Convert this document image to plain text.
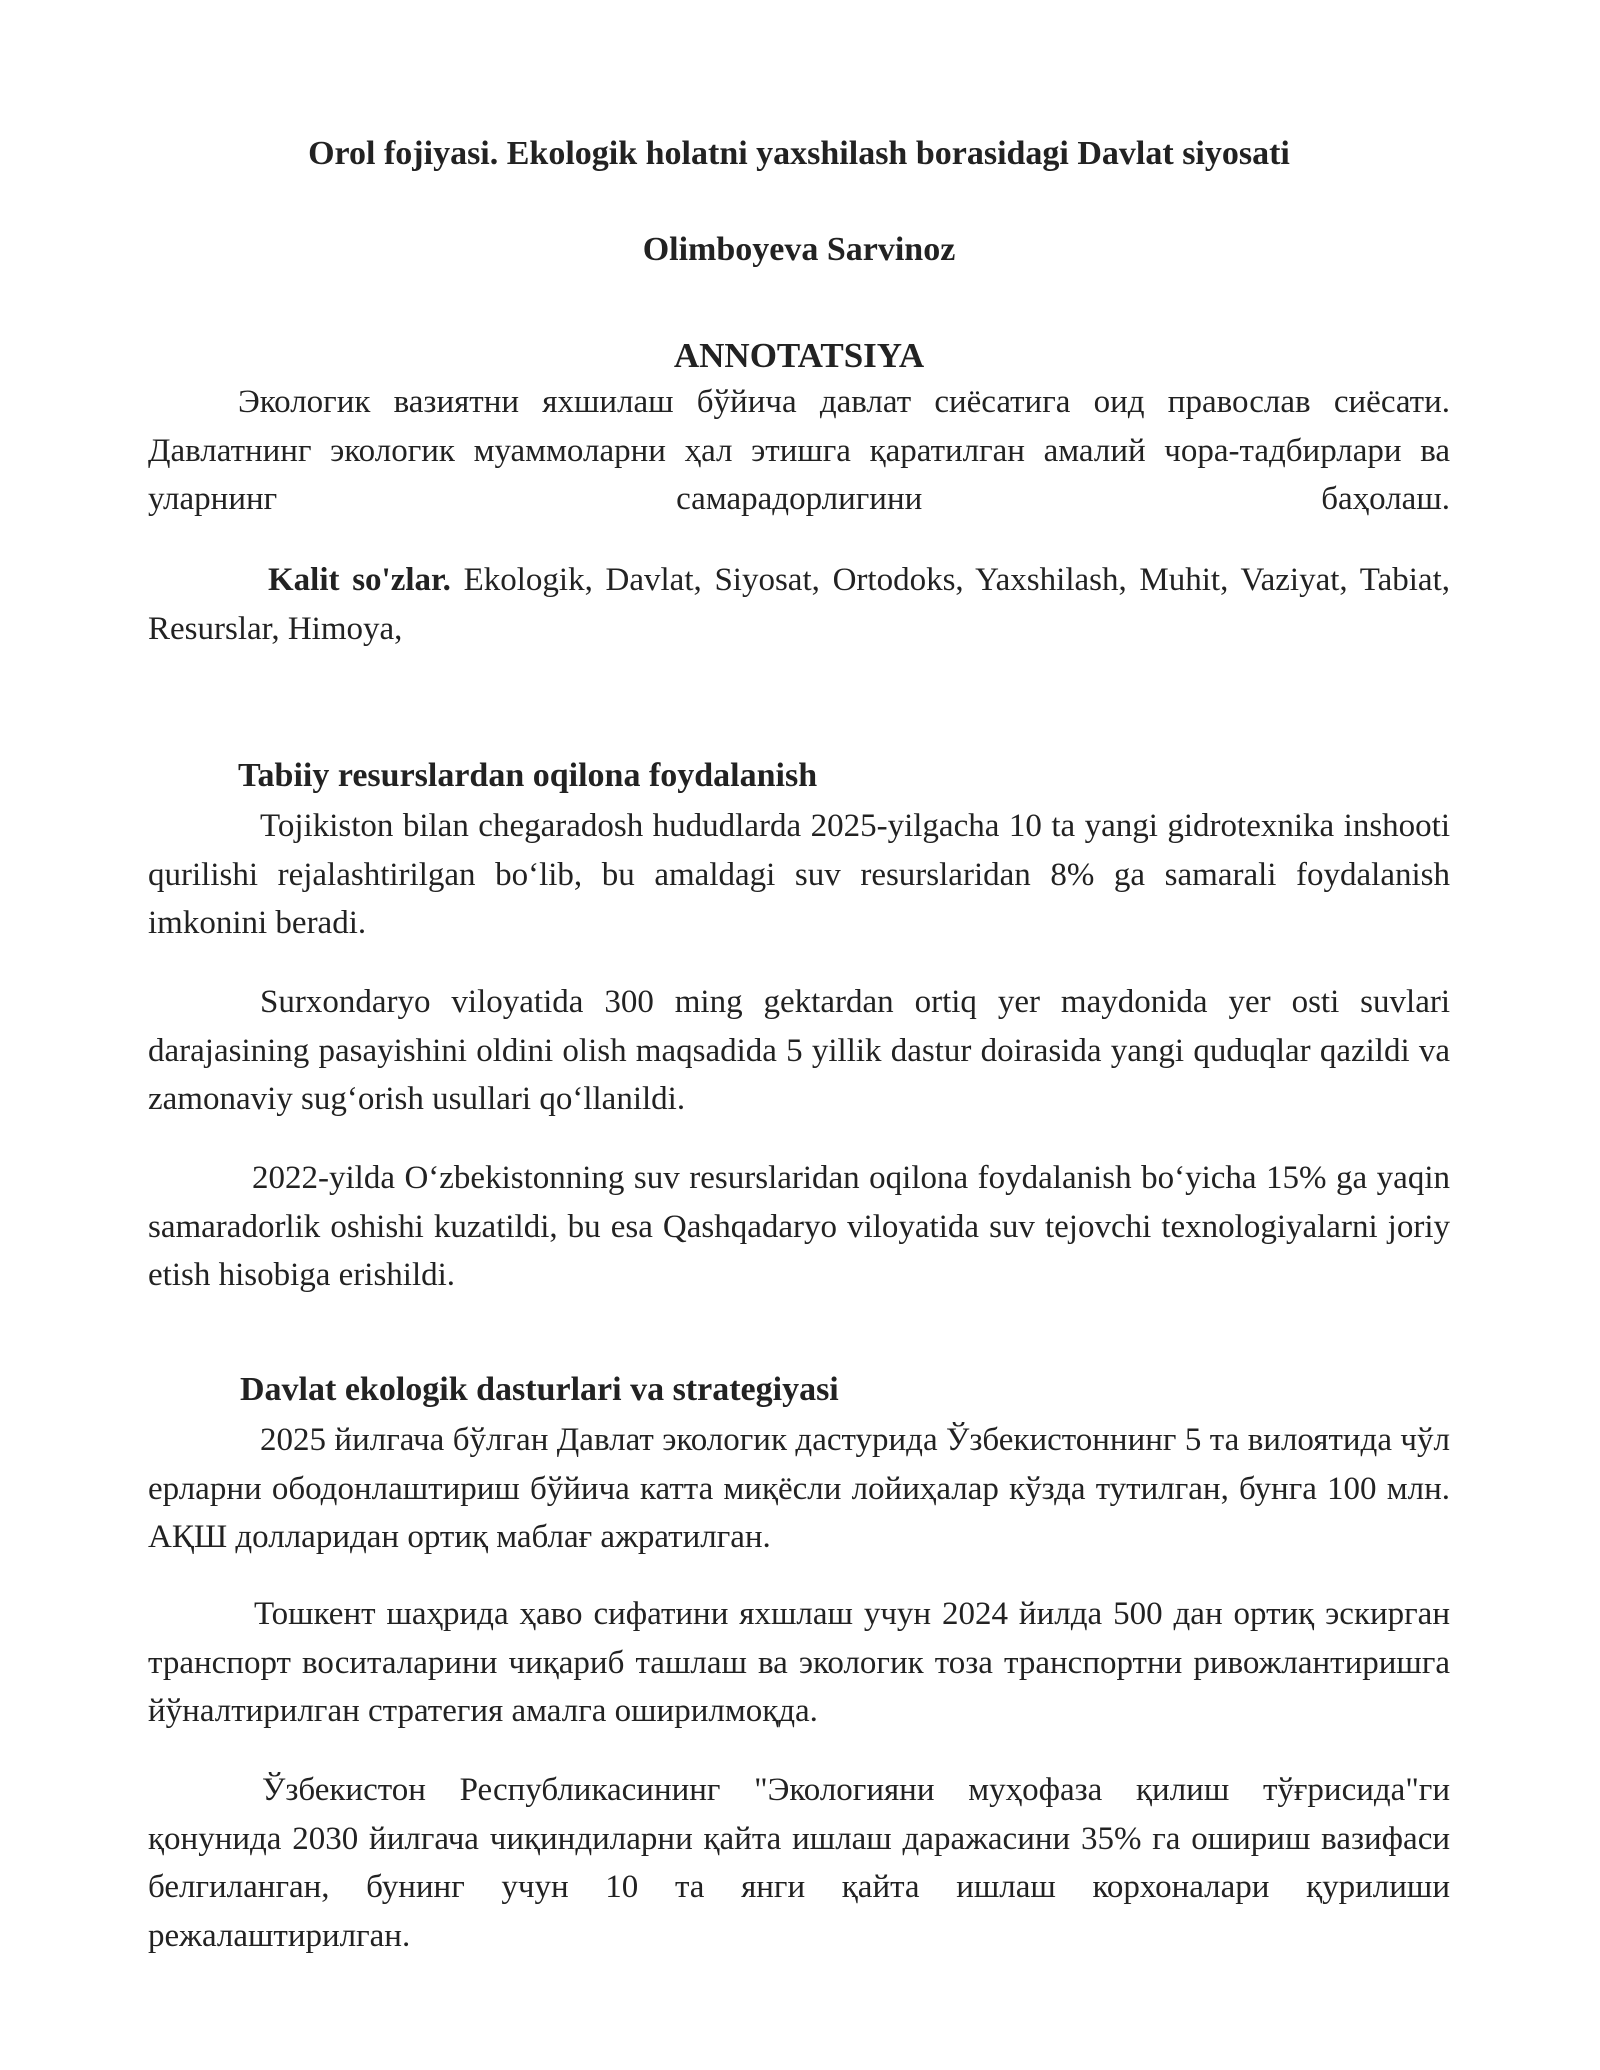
Orol fojiyasi. Ekologik holatni yaxshilash borasidagi Davlat siyosati
Olimboyeva Sarvinoz
ANNOTATSIYA

Экологик вазиятни яхшилаш бўйича давлат сиёсатига оид православ сиёсати. Давлатнинг экологик муаммоларни ҳал этишга қаратилган амалий чора-тадбирлари ва уларнинг самарадорлигини баҳолаш.

Kalit so'zlar. Ekologik, Davlat, Siyosat, Ortodoks, Yaxshilash, Muhit, Vaziyat, Tabiat, Resurslar, Himoya,

Tabiiy resurslardan oqilona foydalanish

Tojikiston bilan chegaradosh hududlarda 2025-yilgacha 10 ta yangi gidrotexnika inshooti qurilishi rejalashtirilgan bo‘lib, bu amaldagi suv resurslaridan 8% ga samarali foydalanish imkonini beradi.

Surxondaryo viloyatida 300 ming gektardan ortiq yer maydonida yer osti suvlari darajasining pasayishini oldini olish maqsadida 5 yillik dastur doirasida yangi quduqlar qazildi va zamonaviy sug‘orish usullari qo‘llanildi.

2022-yilda O‘zbekistonning suv resurslaridan oqilona foydalanish bo‘yicha 15% ga yaqin samaradorlik oshishi kuzatildi, bu esa Qashqadaryo viloyatida suv tejovchi texnologiyalarni joriy etish hisobiga erishildi.

Davlat ekologik dasturlari va strategiyasi

2025 йилгача бўлган Давлат экологик дастурида Ўзбекистоннинг 5 та вилоятида чўл ерларни ободонлаштириш бўйича катта миқёсли лойиҳалар кўзда тутилган, бунга 100 млн. АҚШ долларидан ортиқ маблағ ажратилган.

Тошкент шаҳрида ҳаво сифатини яхшлаш учун 2024 йилда 500 дан ортиқ эскирган транспорт воситаларини чиқариб ташлаш ва экологик тоза транспортни ривожлантиришга йўналтирилган стратегия амалга оширилмоқда.

Ўзбекистон Республикасининг "Экологияни муҳофаза қилиш тўғрисида"ги қонунида 2030 йилгача чиқиндиларни қайта ишлаш даражасини 35% га ошириш вазифаси белгиланган, бунинг учун 10 та янги қайта ишлаш корхоналари қурилиши режалаштирилган.
